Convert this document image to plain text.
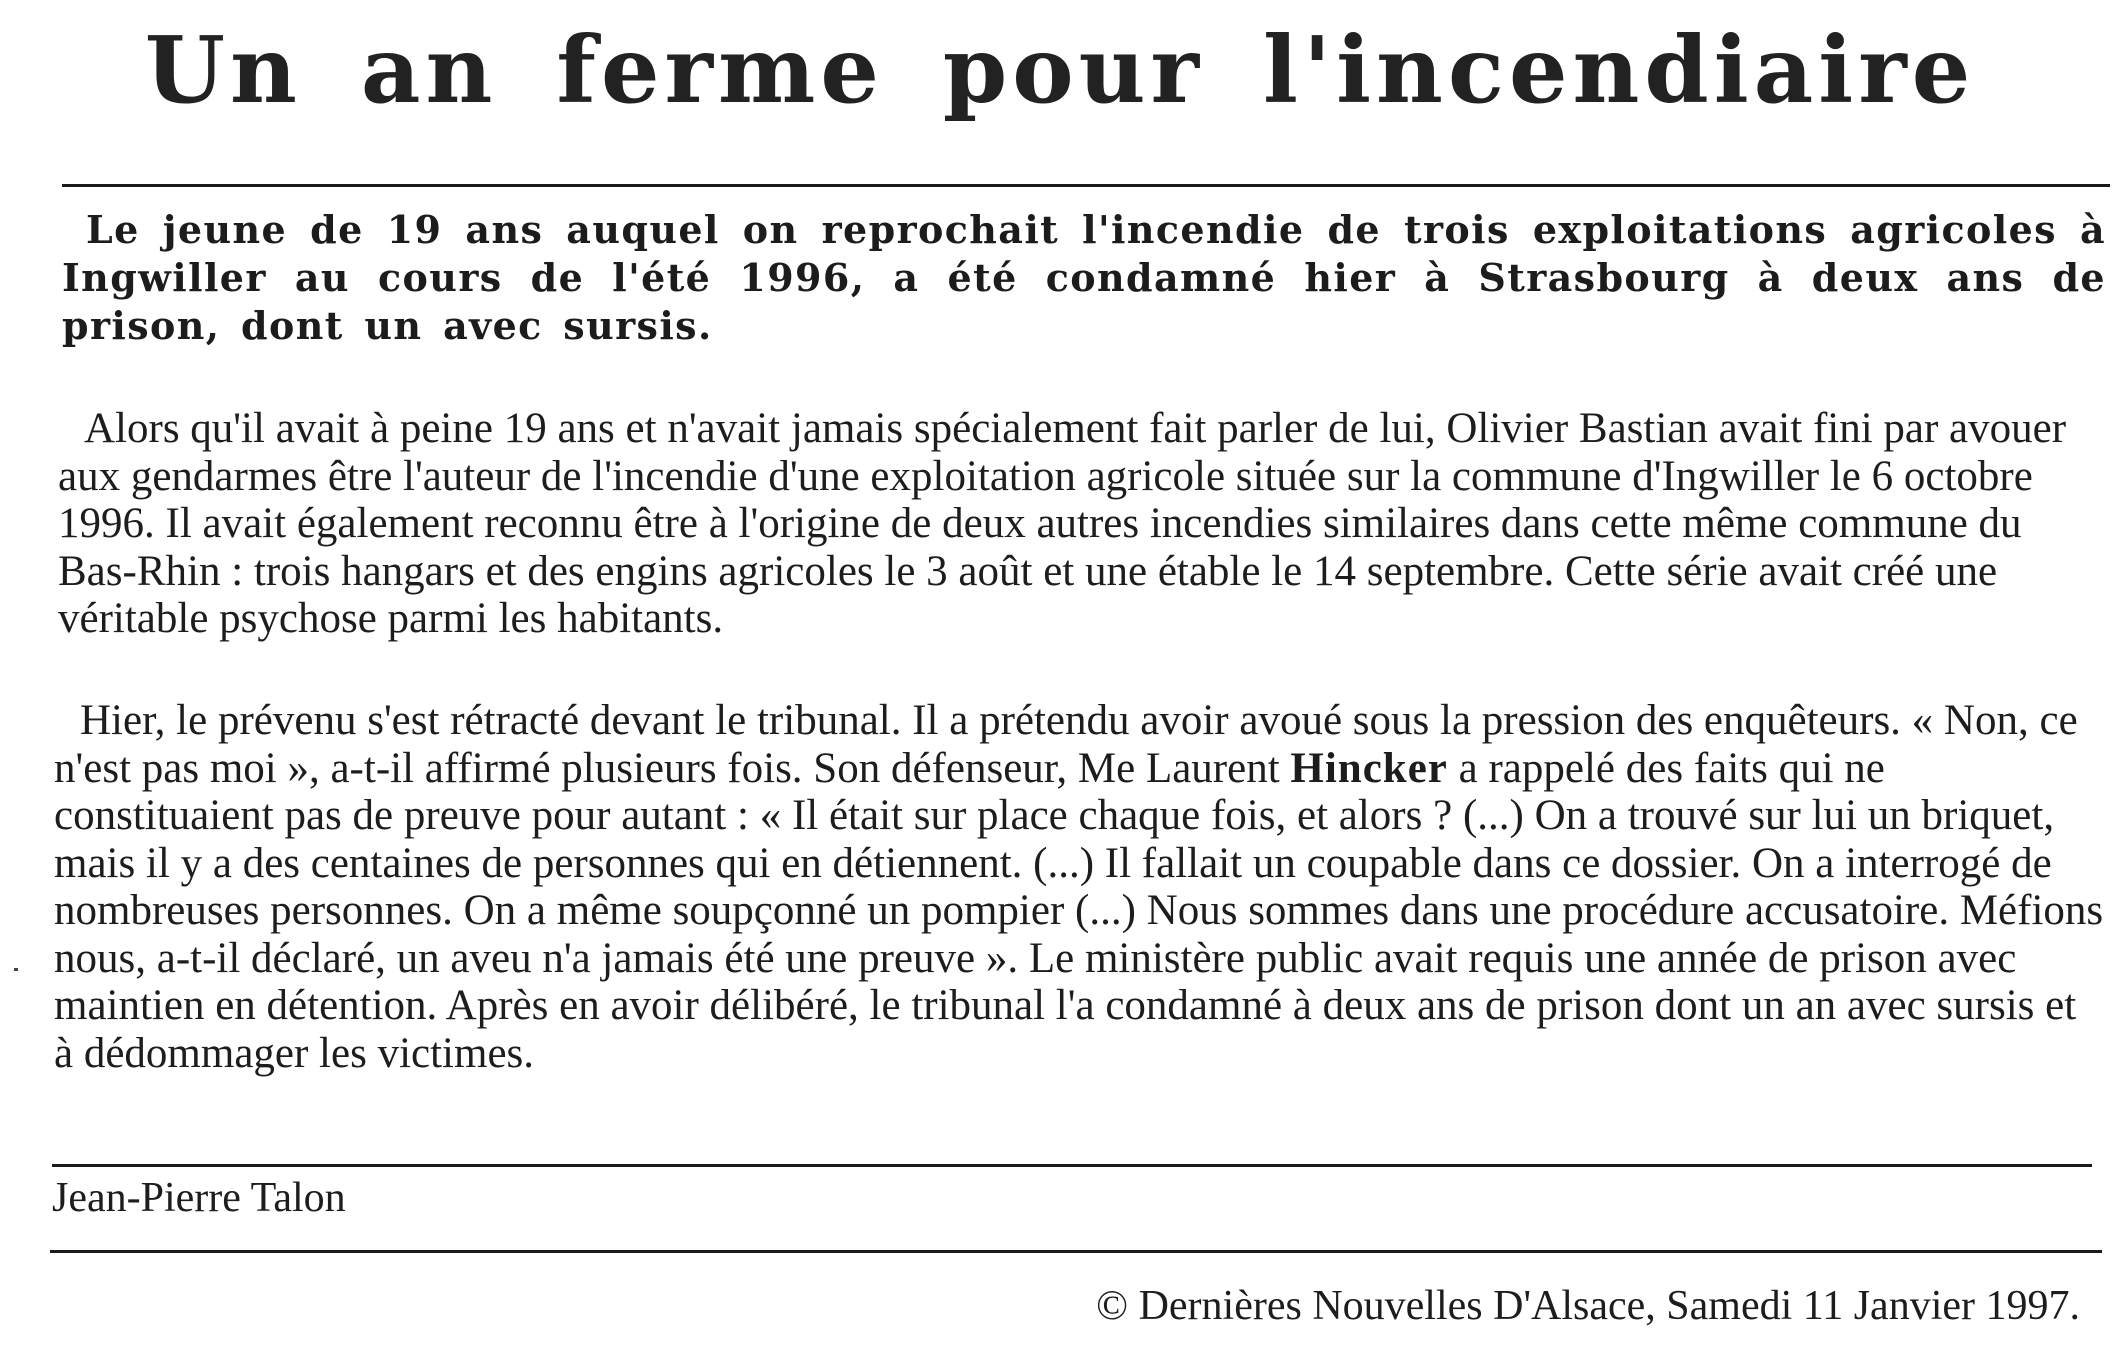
Un an ferme pour l'incendiaire
Le jeune de 19 ans auquel on reprochait l'incendie de trois exploitations agricoles à Ingwiller au cours de l'été 1996, a été condamné hier à Strasbourg à deux ans de prison, dont un avec sursis.
Alors qu'il avait à peine 19 ans et n'avait jamais spécialement fait parler de lui, Olivier Bastian avait fini par avouer aux gendarmes être l'auteur de l'incendie d'une exploitation agricole située sur la commune d'Ingwiller le 6 octobre 1996. Il avait également reconnu être à l'origine de deux autres incendies similaires dans cette même commune du Bas-Rhin : trois hangars et des engins agricoles le 3 août et une étable le 14 septembre. Cette série avait créé une véritable psychose parmi les habitants.
Hier, le prévenu s'est rétracté devant le tribunal. Il a prétendu avoir avoué sous la pression des enquêteurs. « Non, ce n'est pas moi », a-t-il affirmé plusieurs fois. Son défenseur, Me Laurent Hincker a rappelé des faits qui ne constituaient pas de preuve pour autant : « Il était sur place chaque fois, et alors ? (...) On a trouvé sur lui un briquet, mais il y a des centaines de personnes qui en détiennent. (...) Il fallait un coupable dans ce dossier. On a interrogé de nombreuses personnes. On a même soupçonné un pompier (...) Nous sommes dans une procédure accusatoire. Méfions nous, a-t-il déclaré, un aveu n'a jamais été une preuve ». Le ministère public avait requis une année de prison avec maintien en détention. Après en avoir délibéré, le tribunal l'a condamné à deux ans de prison dont un an avec sursis et à dédommager les victimes.
Jean-Pierre Talon
© Dernières Nouvelles D'Alsace, Samedi 11 Janvier 1997.
